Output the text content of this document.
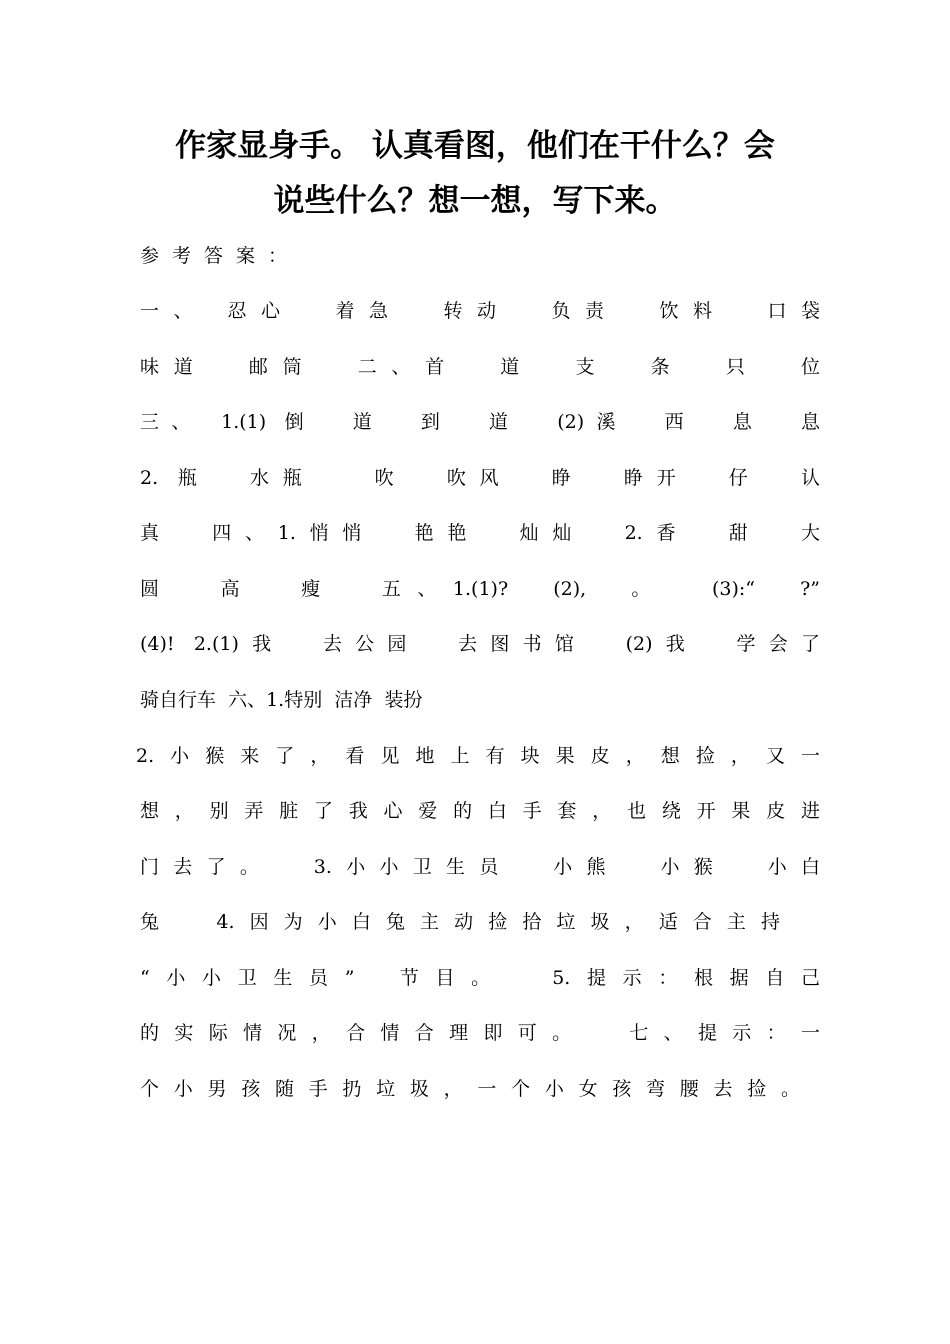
作家显身手。 认真看图，他们在干什么？会
说些什么？想一想，写下来。
参考答案：
一、 忍心  着急  转动  负责  饮料  口袋
味道  邮筒  二、首  道  支  条  只  位
三、 1.(1) 倒  道  到  道  (2)溪  西  息  息
2. 瓶  水瓶   吹  吹风  睁  睁开  仔  认
真  四、1.悄悄  艳艳  灿灿  2.香  甜  大
圆  高  瘦  五、1.(1)?  (2),  。  (3):“  ?”
(4)! 2.(1)我  去公园  去图书馆  (2)我  学会了
骑自行车  六、1.特别  洁净  装扮
2.小猴来了，看见地上有块果皮，想捡，又一
想，别弄脏了我心爱的白手套，也绕开果皮进
门去了。  3.小小卫生员  小熊  小猴  小白
兔  4.因为小白兔主动捡拾垃圾，适合主持
“小小卫生员”  节目。  5.提示：根据自己
的实际情况，合情合理即可。  七、提示：一
个小男孩随手扔垃圾，一个小女孩弯腰去捡。
